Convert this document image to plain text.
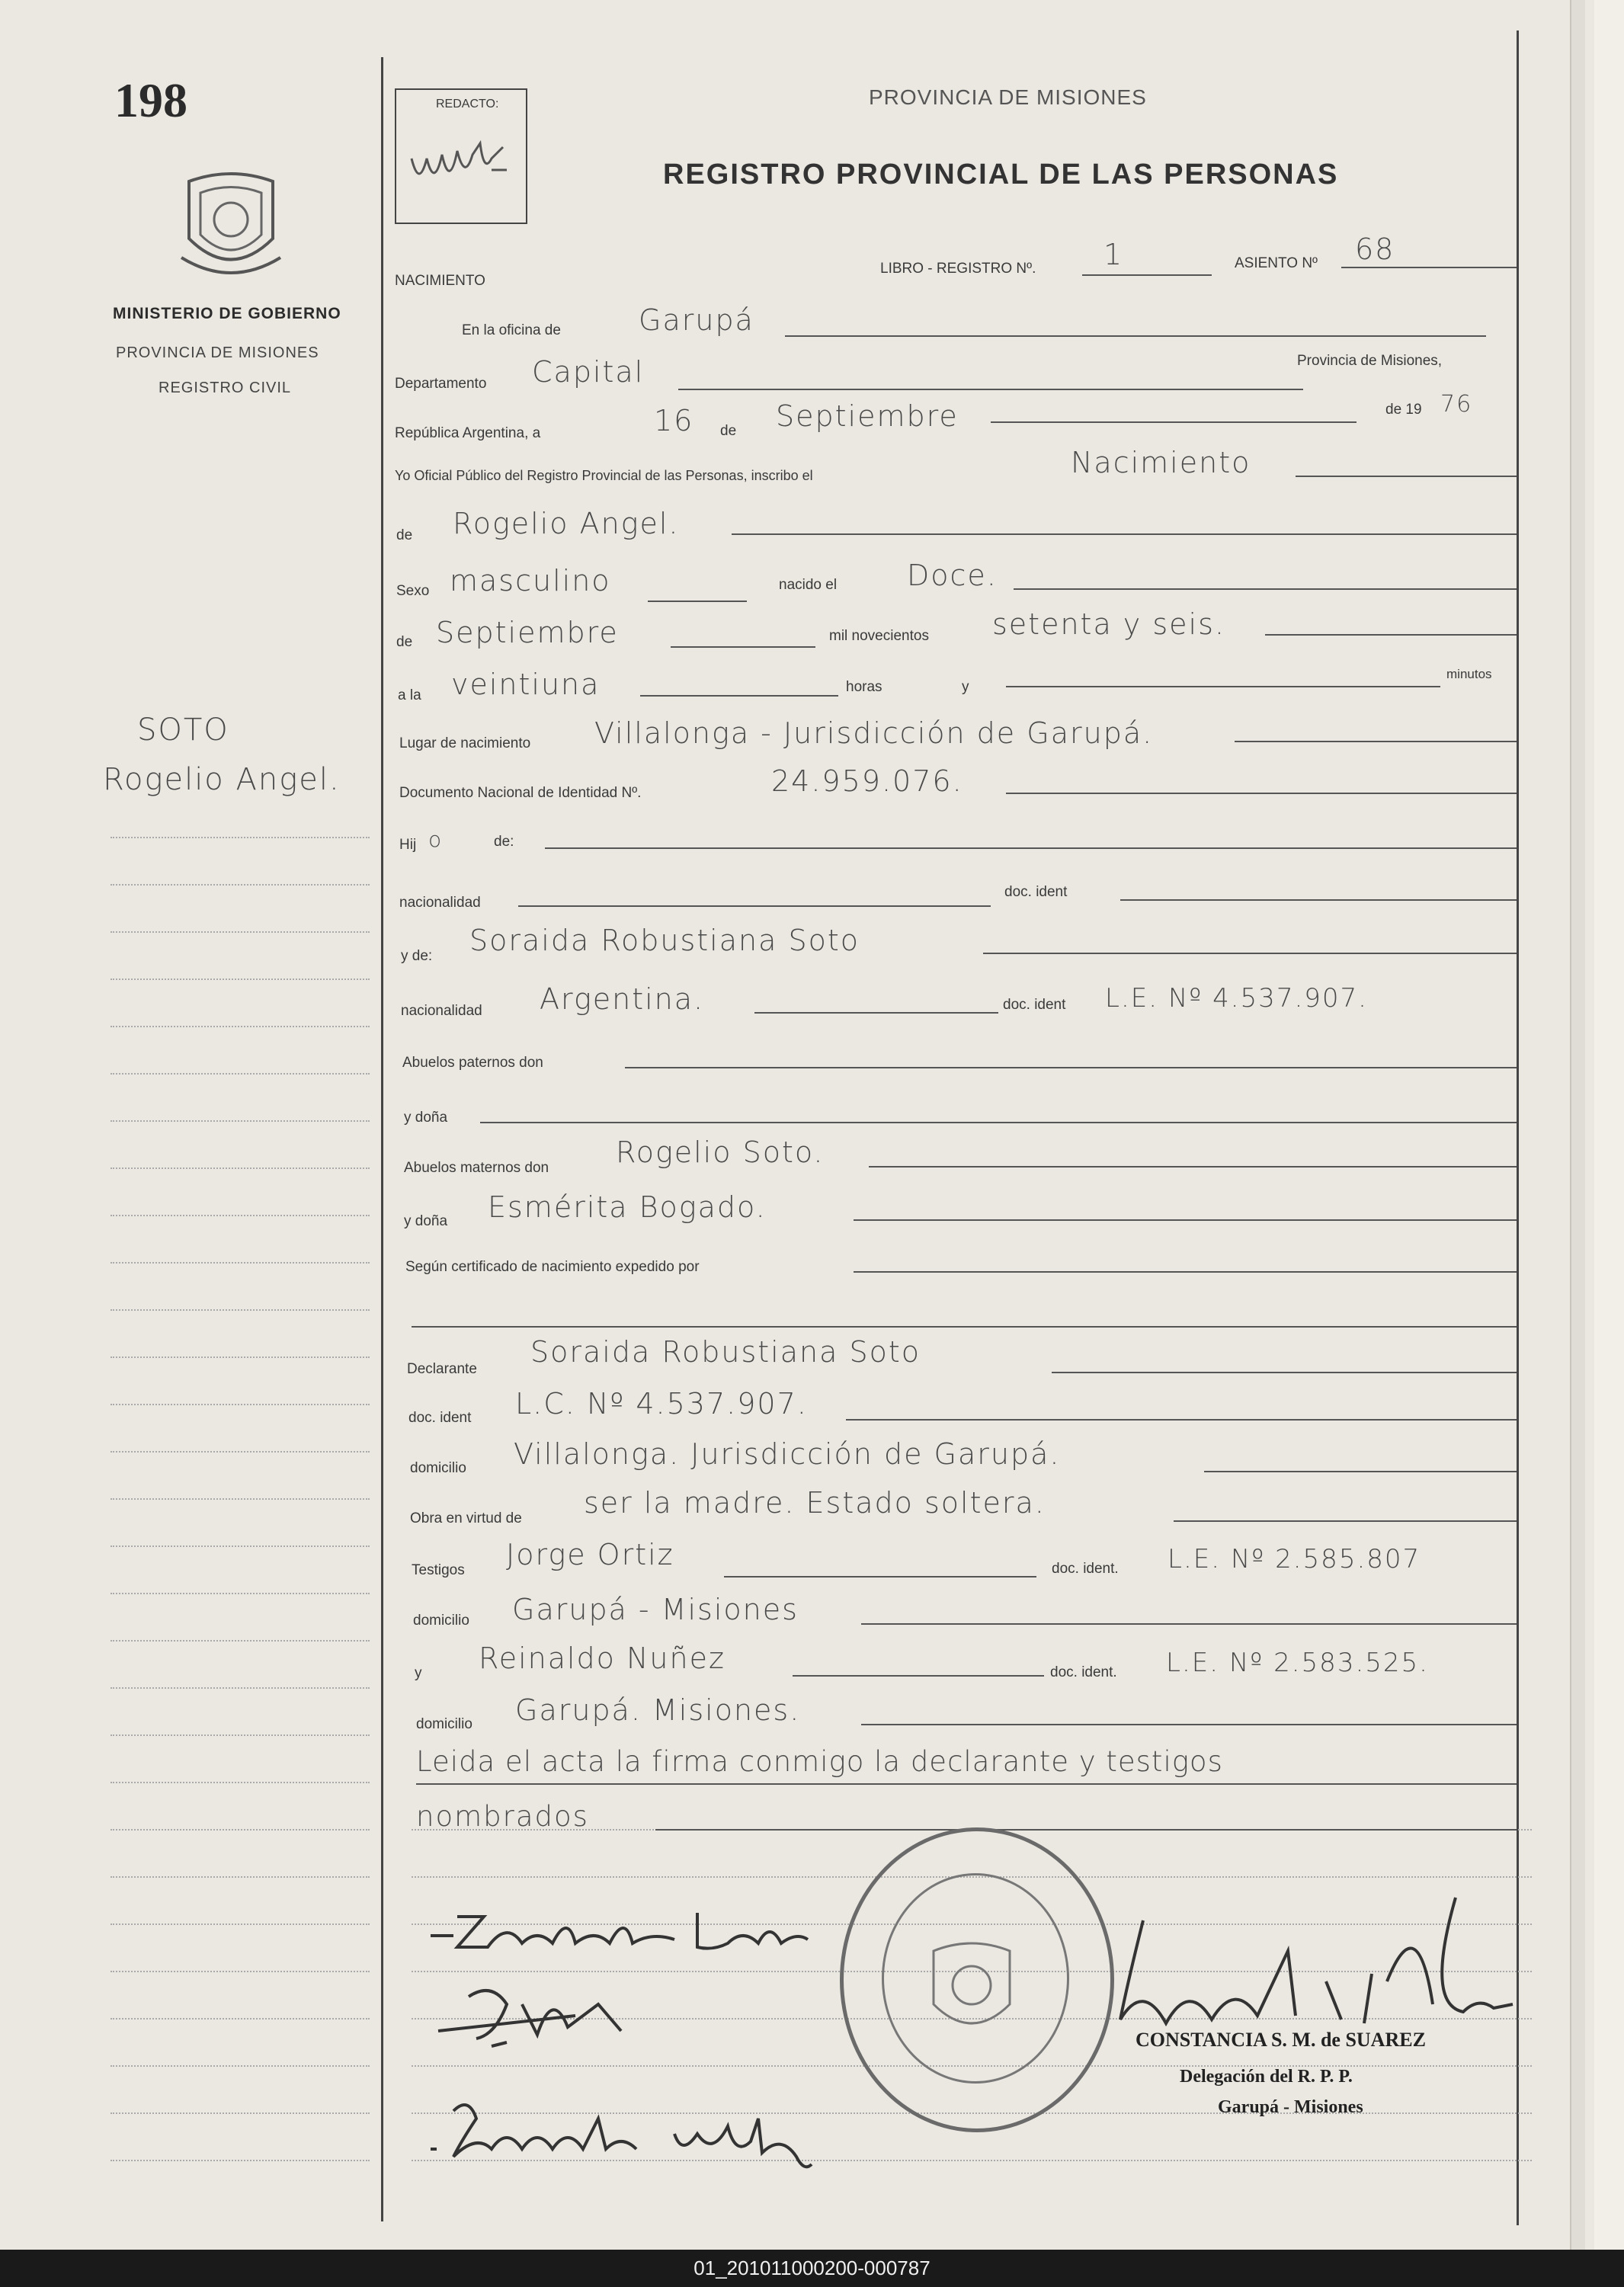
198
MINISTERIO DE GOBIERNO
PROVINCIA DE MISIONES
REGISTRO CIVIL
SOTO
Rogelio Angel.
REDACTO:	PROVINCIA DE MISIONES
REGISTRO PROVINCIAL DE LAS PERSONAS
NACIMIENTO
LIBRO - REGISTRO Nº. 1	ASIENTO Nº 68
En la oficina de	Garupá
Departamento Capital	Provincia de Misiones,
República Argentina, a	16 de Septiembre	de 19 76
Yo Oficial Público del Registro Provincial de las Personas, inscribo el	Nacimiento
de Rogelio Angel.
Sexo masculino	nacido el Doce.
de Septiembre	mil novecientos setenta y seis.
a la veintiuna	horas	y
minutos
Lugar de nacimiento Villalonga - Jurisdicción de Garupá.
Documento Nacional de Identidad Nº.	24.959.076.
Hij o	de:
nacionalidad
doc. ident
y de: Soraida Robustiana Soto
nacionalidad Argentina.	doc. ident L.E. Nº 4.537.907.
Abuelos paternos don
y doña
Abuelos maternos don Rogelio Soto.
y doña Esmérita Bogado.
Según certificado de nacimiento expedido por
Declarante
Soraida Robustiana Soto
doc. ident L.C. Nº 4.537.907.
domicilio Villalonga. Jurisdicción de Garupá.
Obra en virtud de ser la madre. Estado soltera.
Testigos Jorge Ortiz	doc. ident. L.E. Nº 2.585.807
domicilio Garupá - Misiones
y Reinaldo Nuñez	doc. ident. L.E. Nº 2.583.525.
domicilio Garupá. Misiones.
Leida el acta la firma conmigo la declarante y testigos
nombrados
CONSTANCIA S. M. de SUAREZ
Delegación del R. P. P.
Garupá - Misiones
01_201011000200-000787
